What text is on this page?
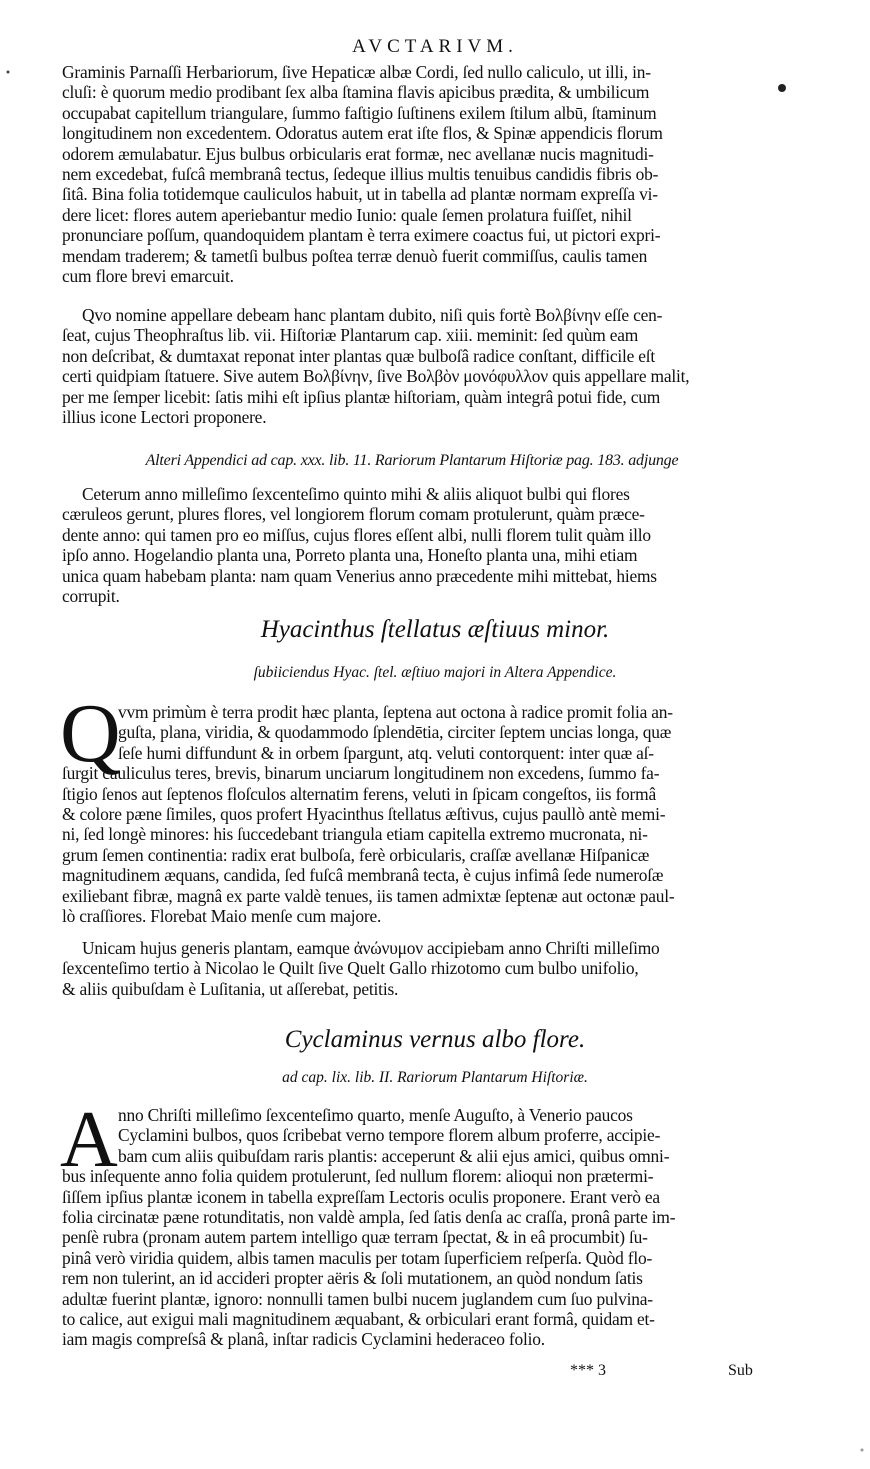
AVCTARIVM.
Graminis Parnaſſi Herbariorum, ſive Hepaticæ albæ Cordi, ſed nullo caliculo, ut illi, in-
cluſi: è quorum medio prodibant ſex alba ſtamina flavis apicibus prædita, & umbilicum
occupabat capitellum triangulare, ſummo faſtigio ſuſtinens exilem ſtilum albū, ſtaminum
longitudinem non excedentem. Odoratus autem erat iſte flos, & Spinæ appendicis florum
odorem æmulabatur. Ejus bulbus orbicularis erat formæ, nec avellanæ nucis magnitudi-
nem excedebat, fuſcâ membranâ tectus, ſedeque illius multis tenuibus candidis fibris ob-
ſitâ. Bina folia totidemque cauliculos habuit, ut in tabella ad plantæ normam expreſſa vi-
dere licet: flores autem aperiebantur medio Iunio: quale ſemen prolatura fuiſſet, nihil
pronunciare poſſum, quandoquidem plantam è terra eximere coactus fui, ut pictori expri-
mendam traderem; & tametſi bulbus poſtea terræ denuò fuerit commiſſus, caulis tamen
cum flore brevi emarcuit.
Qvo nomine appellare debeam hanc plantam dubito, niſi quis fortè Βολβίνην eſſe cen-
ſeat, cujus Theophraſtus lib. vii. Hiſtoriæ Plantarum cap. xiii. meminit: ſed quùm eam
non deſcribat, & dumtaxat reponat inter plantas quæ bulboſâ radice conſtant, difficile eſt
certi quidpiam ſtatuere. Sive autem Βολβίνην, ſive Βολβὸν μονόφυλλον quis appellare malit,
per me ſemper licebit: ſatis mihi eſt ipſius plantæ hiſtoriam, quàm integrâ potui fide, cum
illius icone Lectori proponere.
Alteri Appendici ad cap. xxx. lib. 11. Rariorum Plantarum Hiſtoriæ pag. 183. adjunge
Ceterum anno milleſimo ſexcenteſimo quinto mihi & aliis aliquot bulbi qui flores
cæruleos gerunt, plures flores, vel longiorem florum comam protulerunt, quàm præce-
dente anno: qui tamen pro eo miſſus, cujus flores eſſent albi, nulli florem tulit quàm illo
ipſo anno. Hogelandio planta una, Porreto planta una, Honeſto planta una, mihi etiam
unica quam habebam planta: nam quam Venerius anno præcedente mihi mittebat, hiems
corrupit.
Hyacinthus ſtellatus æſtiuus minor.
ſubiiciendus Hyac. ſtel. æſtiuo majori in Altera Appendice.
Q
vvm primùm è terra prodit hæc planta, ſeptena aut octona à radice promit folia an-
guſta, plana, viridia, & quodammodo ſplendētia, circiter ſeptem uncias longa, quæ
ſeſe humi diffundunt & in orbem ſpargunt, atq. veluti contorquent: inter quæ aſ-
ſurgit cauliculus teres, brevis, binarum unciarum longitudinem non excedens, ſummo fa-
ſtigio ſenos aut ſeptenos floſculos alternatim ferens, veluti in ſpicam congeſtos, iis formâ
& colore pæne ſimiles, quos profert Hyacinthus ſtellatus æſtivus, cujus paullò antè memi-
ni, ſed longè minores: his ſuccedebant triangula etiam capitella extremo mucronata, ni-
grum ſemen continentia: radix erat bulboſa, ferè orbicularis, craſſæ avellanæ Hiſpanicæ
magnitudinem æquans, candida, ſed fuſcâ membranâ tecta, è cujus infimâ ſede numeroſæ
exiliebant fibræ, magnâ ex parte valdè tenues, iis tamen admixtæ ſeptenæ aut octonæ paul-
lò craſſiores. Florebat Maio menſe cum majore.
Unicam hujus generis plantam, eamque ἀνώνυμον accipiebam anno Chriſti milleſimo
ſexcenteſimo tertio à Nicolao le Quilt ſive Quelt Gallo rhizotomo cum bulbo unifolio,
& aliis quibuſdam è Luſitania, ut aſſerebat, petitis.
Cyclaminus vernus albo flore.
ad cap. lix. lib. II. Rariorum Plantarum Hiſtoriæ.
A nno Chriſti milleſimo ſexcenteſimo quarto, menſe Auguſto, à Venerio paucos
Cyclamini bulbos, quos ſcribebat verno tempore florem album proferre, accipie-
bam cum aliis quibuſdam raris plantis: acceperunt & alii ejus amici, quibus omni-
bus inſequente anno folia quidem protulerunt, ſed nullum florem: alioqui non prætermi-
ſiſſem ipſius plantæ iconem in tabella expreſſam Lectoris oculis proponere. Erant verò ea
folia circinatæ pæne rotunditatis, non valdè ampla, ſed ſatis denſa ac craſſa, pronâ parte im-
penſè rubra (pronam autem partem intelligo quæ terram ſpectat, & in eâ procumbit) ſu-
pinâ verò viridia quidem, albis tamen maculis per totam ſuperficiem reſperſa. Quòd flo-
rem non tulerint, an id accideri propter aëris & ſoli mutationem, an quòd nondum ſatis
adultæ fuerint plantæ, ignoro: nonnulli tamen bulbi nucem juglandem cum ſuo pulvina-
to calice, aut exigui mali magnitudinem æquabant, & orbiculari erant formâ, quidam et-
iam magis compreſsâ & planâ, inſtar radicis Cyclamini hederaceo folio.
*** 3	Sub
